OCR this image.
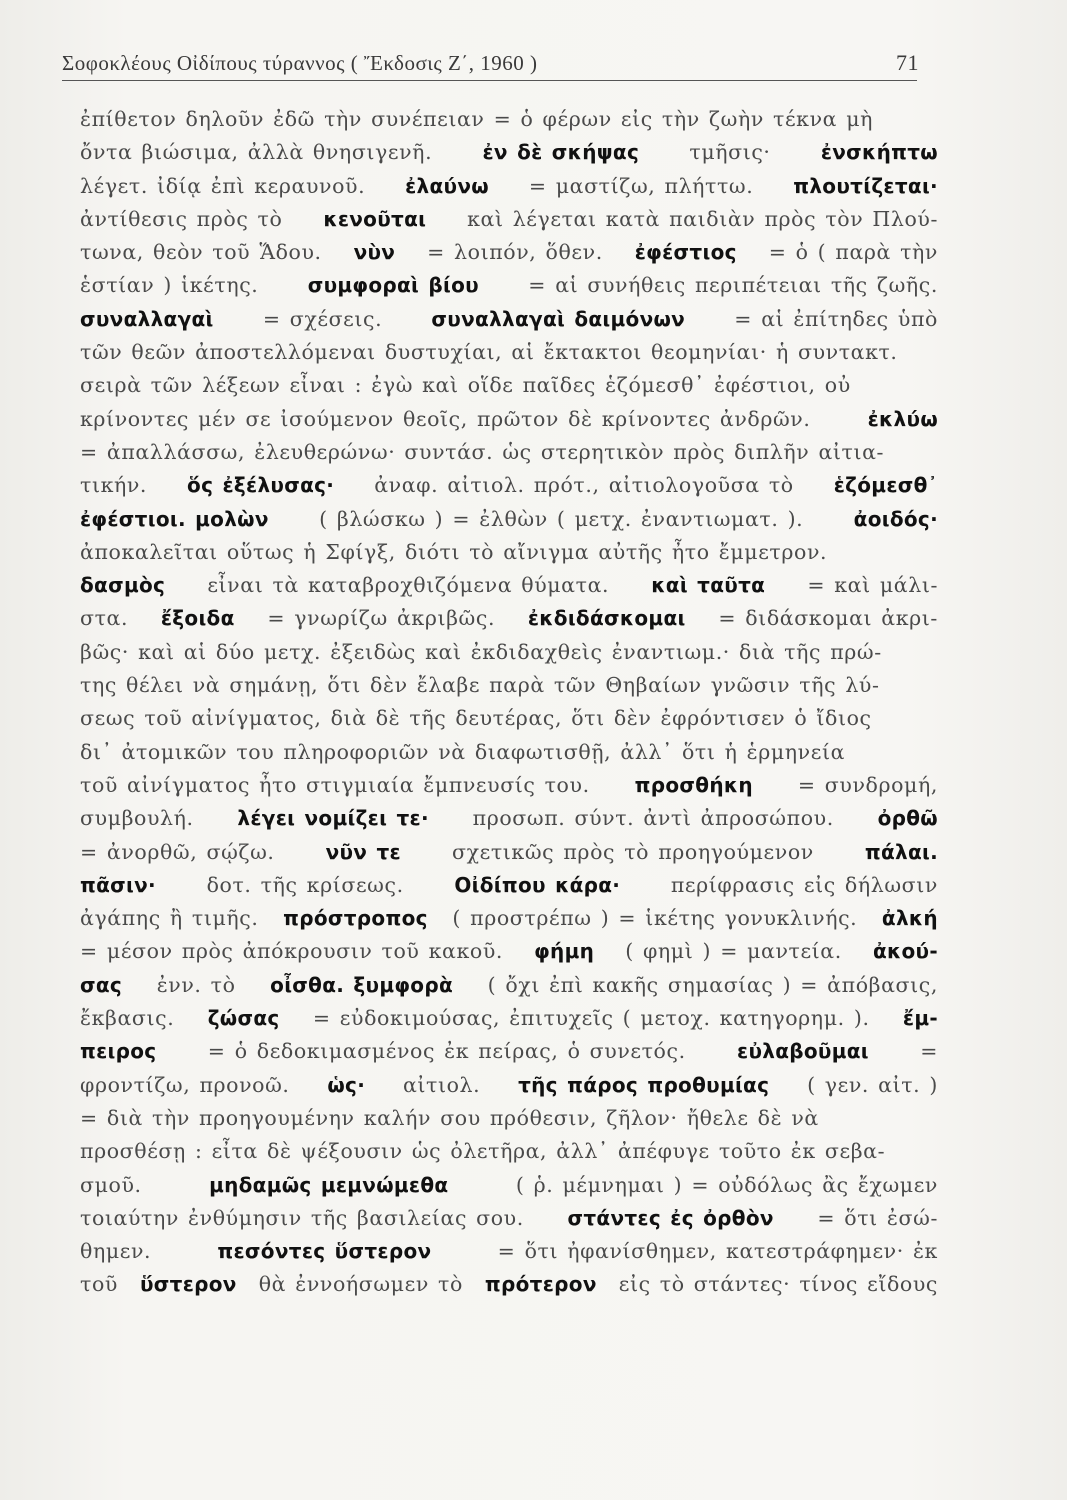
Σοφοκλέους Οἰδίπους τύραννος ( Ἔκδοσις Ζ΄, 1960 )	71
ἐπίθετον δηλοῦν ἐδῶ τὴν συνέπειαν = ὁ φέρων εἰς τὴν ζωὴν τέκνα μὴ
ὄντα βιώσιμα, ἀλλὰ θνησιγενῆ.	ἐν δὲ σκήψας τμῆσις·	ἐνσκήπτω
λέγετ. ἰδίᾳ ἐπὶ κεραυνοῦ. ἐλαύνω = μαστίζω, πλήττω. πλουτίζεται·
ἀντίθεσις πρὸς τὸ κενοῦται καὶ λέγεται κατὰ παιδιὰν πρὸς τὸν Πλού-
τωνα, θεὸν τοῦ Ἅδου. νὺν = λοιπόν, ὅθεν. ἐφέστιος = ὁ ( παρὰ τὴν
ἑστίαν ) ἱκέτης. συμφοραὶ βίου = αἱ συνήθεις περιπέτειαι τῆς ζωῆς.
συναλλαγαὶ = σχέσεις. συναλλαγαὶ δαιμόνων = αἱ ἐπίτηδες ὑπὸ
τῶν θεῶν ἀποστελλόμεναι δυστυχίαι, αἱ ἔκτακτοι θεομηνίαι· ἡ συντακτ.
σειρὰ τῶν λέξεων εἶναι : ἐγὼ καὶ οἵδε παῖδες ἑζόμεσθ᾽ ἐφέστιοι, οὐ
κρίνοντες μέν σε ἰσούμενον θεοῖς, πρῶτον δὲ κρίνοντες ἀνδρῶν.	ἐκλύω
= ἀπαλλάσσω, ἐλευθερώνω· συντάσ. ὡς στερητικὸν πρὸς διπλῆν αἰτια-
τικήν. ὅς ἐξέλυσας· ἀναφ. αἰτιολ. πρότ., αἰτιολογοῦσα τὸ ἑζόμεσθ᾽
ἐφέστιοι. μολὼν ( βλώσκω ) = ἐλθὼν ( μετχ. ἐναντιωματ. ).	ἀοιδός·
ἀποκαλεῖται οὕτως ἡ Σφίγξ, διότι τὸ αἴνιγμα αὐτῆς ἦτο ἔμμετρον.
δασμὸς εἶναι τὰ καταβροχθιζόμενα θύματα. καὶ ταῦτα = καὶ μάλι-
στα. ἔξοιδα = γνωρίζω ἀκριβῶς. ἐκδιδάσκομαι = διδάσκομαι ἀκρι-
βῶς· καὶ αἱ δύο μετχ. ἐξειδὼς καὶ ἐκδιδαχθεὶς ἐναντιωμ.· διὰ τῆς πρώ-
της θέλει νὰ σημάνῃ, ὅτι δὲν ἔλαβε παρὰ τῶν Θηβαίων γνῶσιν τῆς λύ-
σεως τοῦ αἰνίγματος, διὰ δὲ τῆς δευτέρας, ὅτι δὲν ἐφρόντισεν ὁ ἴδιος
δι᾽ ἀτομικῶν του πληροφοριῶν νὰ διαφωτισθῇ, ἀλλ᾽ ὅτι ἡ ἑρμηνεία
τοῦ αἰνίγματος ἦτο στιγμιαία ἔμπνευσίς του. προσθήκη = συνδρομή,
συμβουλή. λέγει νομίζει τε· προσωπ. σύντ. ἀντὶ ἀπροσώπου. ὀρθῶ
= ἀνορθῶ, σῴζω.	νῦν τε σχετικῶς πρὸς τὸ προηγούμενον	πάλαι.
πᾶσιν· δοτ. τῆς κρίσεως.	Οἰδίπου κάρα· περίφρασις εἰς δήλωσιν
ἀγάπης ἢ τιμῆς. πρόστροπος ( προστρέπω ) = ἱκέτης γονυκλινής. ἀλκή
= μέσον πρὸς ἀπόκρουσιν τοῦ κακοῦ. φήμη ( φημὶ ) = μαντεία. ἀκού-
σας ἐνν. τὸ οἶσθα. ξυμφορὰ ( ὄχι ἐπὶ κακῆς σημασίας ) = ἀπόβασις,
ἔκβασις. ζώσας = εὐδοκιμούσας, ἐπιτυχεῖς ( μετοχ. κατηγορημ. ). ἔμ-
πειρος	= ὁ δεδοκιμασμένος ἐκ πείρας, ὁ συνετός.	εὐλαβοῦμαι	=
φροντίζω, προνοῶ. ὡς· αἰτιολ. τῆς πάρος προθυμίας ( γεν. αἰτ. )
= διὰ τὴν προηγουμένην καλήν σου πρόθεσιν, ζῆλον· ἤθελε δὲ νὰ
προσθέσῃ : εἶτα δὲ ψέξουσιν ὡς ὀλετῆρα, ἀλλ᾽ ἀπέφυγε τοῦτο ἐκ σεβα-
σμοῦ.	μηδαμῶς μεμνώμεθα	( ῥ. μέμνημαι ) = οὐδόλως ἂς ἔχωμεν
τοιαύτην ἐνθύμησιν τῆς βασιλείας σου. στάντες ἐς ὀρθὸν = ὅτι ἐσώ-
θημεν.	πεσόντες ὕστερον	= ὅτι ἠφανίσθημεν, κατεστράφημεν· ἐκ
τοῦ ὕστερον θὰ ἐννοήσωμεν τὸ πρότερον εἰς τὸ στάντες· τίνος εἴδους
